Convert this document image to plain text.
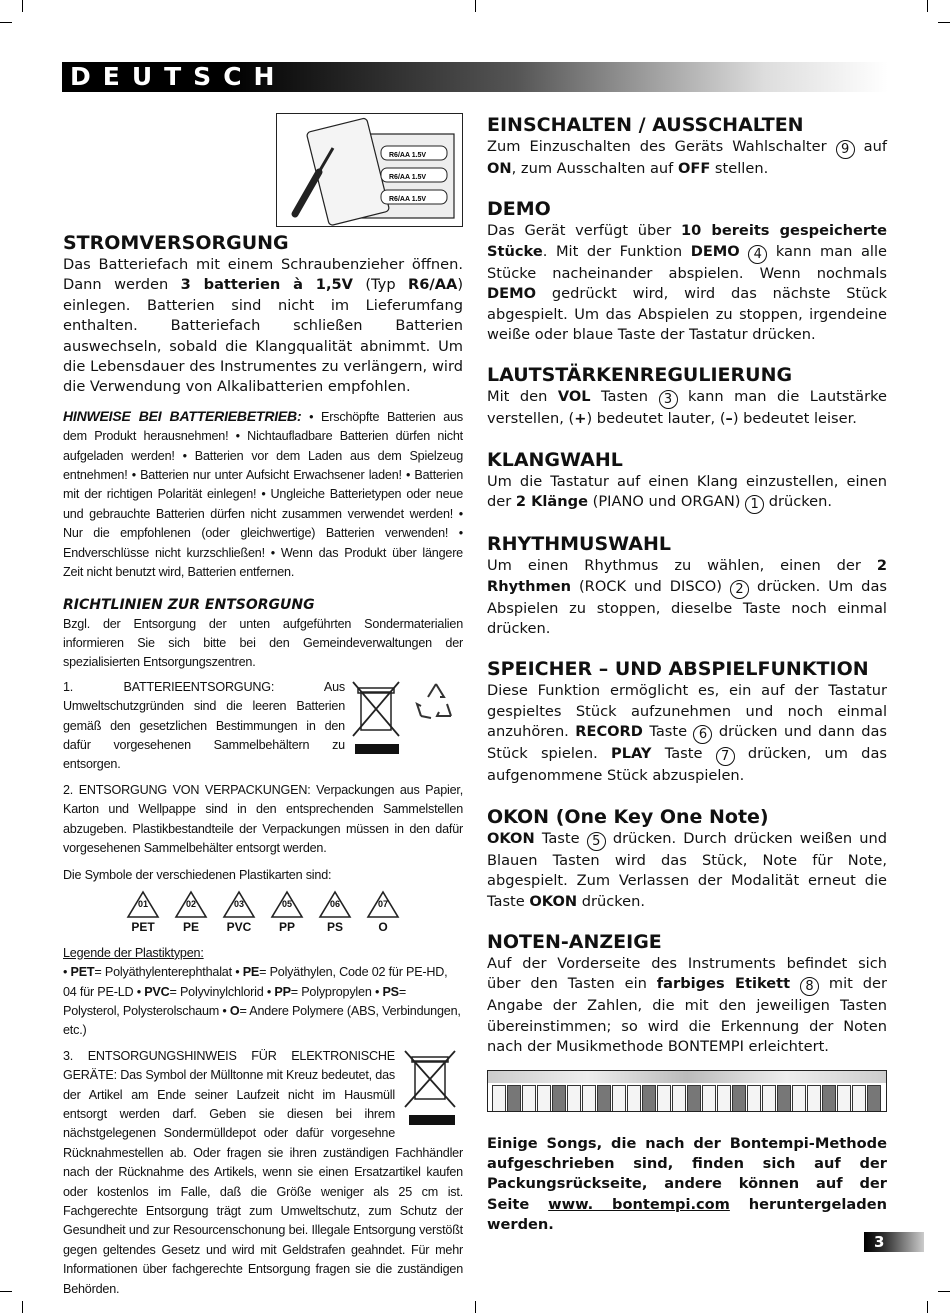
DEUTSCH
R6/AA 1.5V
R6/AA 1.5V
R6/AA 1.5V
STROMVERSORGUNG

Das Batteriefach mit einem Schraubenzieher öffnen. Dann werden 3 batterien à 1,5V (Typ R6/AA) einlegen. Batterien sind nicht im Lieferumfang enthalten. Batteriefach schließen Batterien auswechseln, sobald die Klangqualität abnimmt. Um die Lebensdauer des Instrumentes zu verlängern, wird die Verwendung von Alkalibatterien empfohlen.

HINWEISE BEI BATTERIEBETRIEB: • Erschöpfte Batterien aus dem Produkt herausnehmen! • Nichtaufladbare Batterien dürfen nicht aufgeladen werden! • Batterien vor dem Laden aus dem Spielzeug entnehmen! • Batterien nur unter Aufsicht Erwachsener laden! • Batterien mit der richtigen Polarität einlegen! • Ungleiche Batterietypen oder neue und gebrauchte Batterien dürfen nicht zusammen verwendet werden! • Nur die empfohlenen (oder gleichwertige) Batterien verwenden! • Endverschlüsse nicht kurzschließen! • Wenn das Produkt über längere Zeit nicht benutzt wird, Batterien entfernen.

RICHTLINIEN ZUR ENTSORGUNG

Bzgl. der Entsorgung der unten aufgeführten Sondermaterialien informieren Sie sich bitte bei den Gemeindeverwaltungen der spezialisierten Entsorgungszentren.

1. BATTERIEENTSORGUNG: Aus Umweltschutzgründen sind die leeren Batterien gemäß den gesetzlichen Bestimmungen in den dafür vorgesehenen Sammelbehältern zu entsorgen.

2. ENTSORGUNG VON VERPACKUNGEN: Verpackungen aus Papier, Karton und Wellpappe sind in den entsprechenden Sammelstellen abzugeben. Plastikbestandteile der Verpackungen müssen in den dafür vorgesehenen Sammelbehälter entsorgt werden.

Die Symbole der verschiedenen Plastikarten sind:

01
PET
02
PE
03
PVC
05
PP
06
PS
07
O

Legende der Plastiktypen:

• PET= Polyäthylenterephthalat • PE= Polyäthylen, Code 02 für PE-HD, 04 für PE-LD • PVC= Polyvinylchlorid • PP= Polypropylen • PS= Polysterol, Polysterolschaum • O= Andere Polymere (ABS, Verbindungen, etc.)

3. ENTSORGUNGSHINWEIS FÜR ELEKTRONISCHE GERÄTE: Das Symbol der Mülltonne mit Kreuz bedeutet, das der Artikel am Ende seiner Laufzeit nicht im Hausmüll entsorgt werden darf. Geben sie diesen bei ihrem nächstgelegenen Sondermülldepot oder dafür vorgesehne Rücknahmestellen ab. Oder fragen sie ihren zuständigen Fachhändler nach der Rücknahme des Artikels, wenn sie einen Ersatzartikel kaufen oder kostenlos im Falle, daß die Größe weniger als 25 cm ist. Fachgerechte Entsorgung trägt zum Umweltschutz, zum Schutz der Gesundheit und zur Resourcenschonung bei. Illegale Entsorgung verstößt gegen geltendes Gesetz und wird mit Geldstrafen geahndet. Für mehr Informationen über fachgerechte Entsorgung fragen sie die zuständigen Behörden.

EINSCHALTEN / AUSSCHALTEN

Zum Einzuschalten des Geräts Wahlschalter 9 auf ON, zum Ausschalten auf OFF stellen.

DEMO

Das Gerät verfügt über 10 bereits gespeicherte Stücke. Mit der Funktion DEMO 4 kann man alle Stücke nacheinander abspielen. Wenn nochmals DEMO gedrückt wird, wird das nächste Stück abgespielt. Um das Abspielen zu stoppen, irgendeine weiße oder blaue Taste der Tastatur drücken.

LAUTSTÄRKENREGULIERUNG

Mit den VOL Tasten 3 kann man die Lautstärke verstellen, (+) bedeutet lauter, (–) bedeutet leiser.

KLANGWAHL

Um die Tastatur auf einen Klang einzustellen, einen der 2 Klänge (PIANO und ORGAN) 1 drücken.

RHYTHMUSWAHL

Um einen Rhythmus zu wählen, einen der 2 Rhythmen (ROCK und DISCO) 2 drücken. Um das Abspielen zu stoppen, dieselbe Taste noch einmal drücken.

SPEICHER – UND ABSPIELFUNKTION

Diese Funktion ermöglicht es, ein auf der Tastatur gespieltes Stück aufzunehmen und noch einmal anzuhören. RECORD Taste 6 drücken und dann das Stück spielen. PLAY Taste 7 drücken, um das aufgenommene Stück abzuspielen.

OKON (One Key One Note)

OKON Taste 5 drücken. Durch drücken weißen und Blauen Tasten wird das Stück, Note für Note, abgespielt. Zum Verlassen der Modalität erneut die Taste OKON drücken.

NOTEN-ANZEIGE

Auf der Vorderseite des Instruments befindet sich über den Tasten ein farbiges Etikett 8 mit der Angabe der Zahlen, die mit den jeweiligen Tasten übereinstimmen; so wird die Erkennung der Noten nach der Musikmethode BONTEMPI erleichtert.

Einige Songs, die nach der Bontempi-Methode aufgeschrieben sind, finden sich auf der Packungsrückseite, andere können auf der Seite www. bontempi.com heruntergeladen werden.

3
